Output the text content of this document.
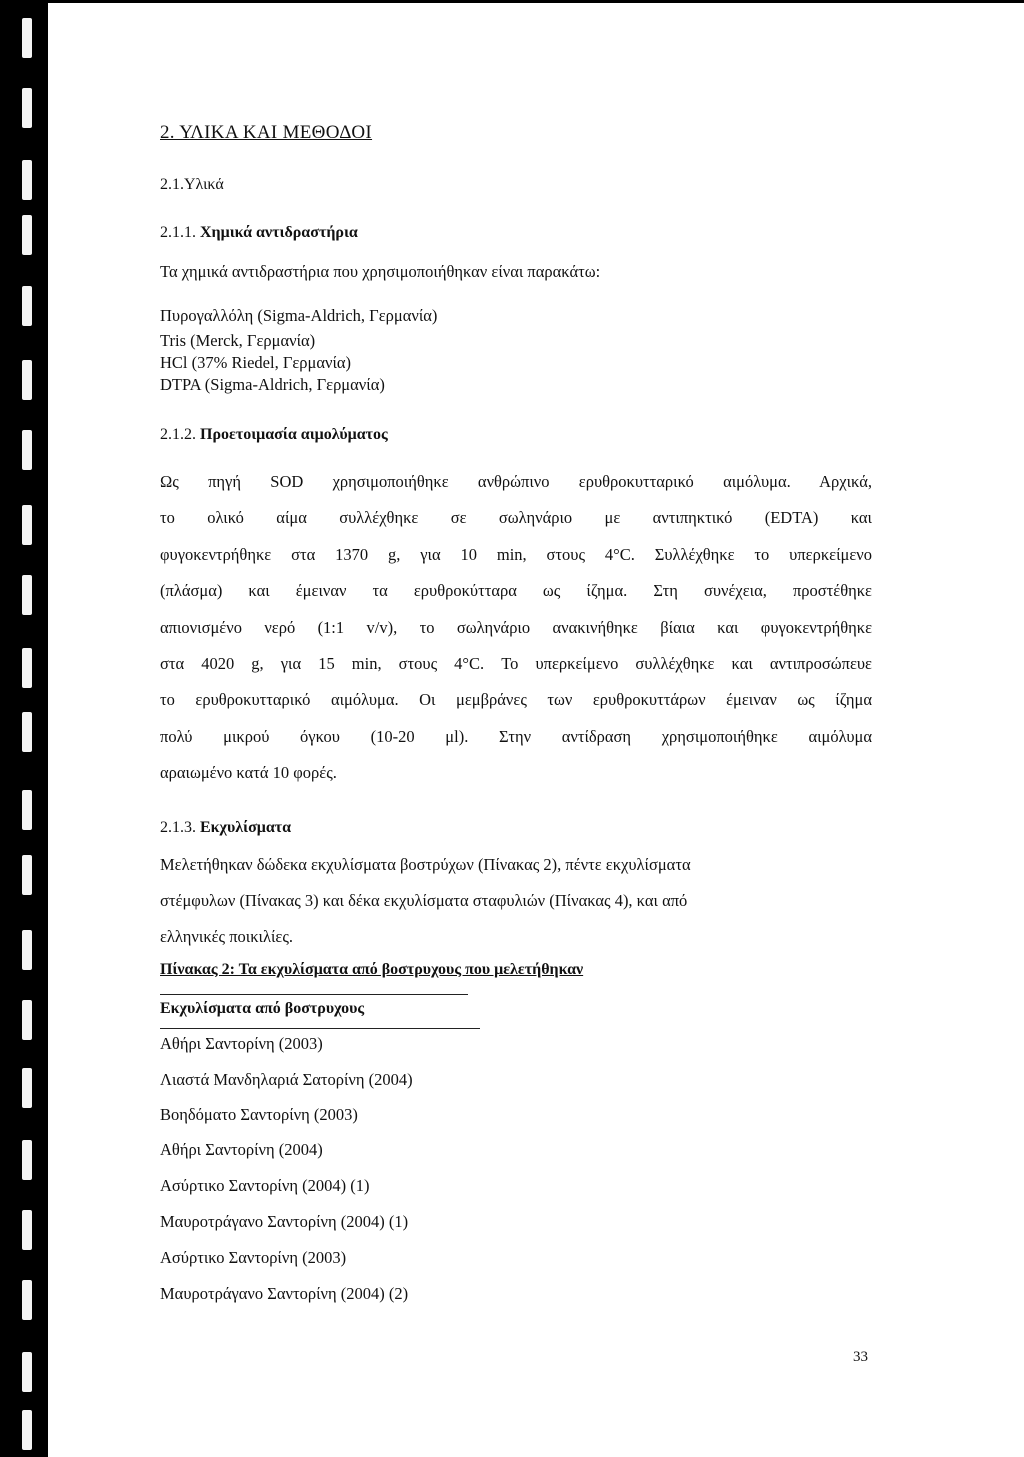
2. ΥΛΙΚΑ ΚΑΙ ΜΕΘΟΔΟΙ
2.1.Υλικά
2.1.1. Χημικά αντιδραστήρια
Τα χημικά αντιδραστήρια που χρησιμοποιήθηκαν είναι παρακάτω:
Πυρογαλλόλη (Sigma-Aldrich, Γερμανία)
Tris (Merck, Γερμανία)
HCl (37% Riedel, Γερμανία)
DTPA (Sigma-Aldrich, Γερμανία)
2.1.2. Προετοιμασία αιμολύματος
Ως πηγή SOD χρησιμοποιήθηκε ανθρώπινο ερυθροκυτταρικό αιμόλυμα. Αρχικά,
το ολικό αίμα συλλέχθηκε σε σωληνάριο με αντιπηκτικό (EDTA) και
φυγοκεντρήθηκε στα 1370 g, για 10 min, στους 4°C. Συλλέχθηκε το υπερκείμενο
(πλάσμα) και έμειναν τα ερυθροκύτταρα ως ίζημα. Στη συνέχεια, προστέθηκε
απιονισμένο νερό (1:1 v/v), το σωληνάριο ανακινήθηκε βίαια και φυγοκεντρήθηκε
στα 4020 g, για 15 min, στους 4°C. Το υπερκείμενο συλλέχθηκε και αντιπροσώπευε
το ερυθροκυτταρικό αιμόλυμα. Οι μεμβράνες των ερυθροκυττάρων έμειναν ως ίζημα
πολύ μικρού όγκου (10-20 μl). Στην αντίδραση χρησιμοποιήθηκε αιμόλυμα
αραιωμένο κατά 10 φορές.
2.1.3. Εκχυλίσματα
Μελετήθηκαν δώδεκα εκχυλίσματα βοστρύχων (Πίνακας 2), πέντε εκχυλίσματα
στέμφυλων (Πίνακας 3) και δέκα εκχυλίσματα σταφυλιών (Πίνακας 4), και από
ελληνικές ποικιλίες.
Πίνακας 2: Τα εκχυλίσματα από βοστρυχους που μελετήθηκαν
Εκχυλίσματα από βοστρυχους
Αθήρι Σαντορίνη (2003)
Λιαστά Μανδηλαριά Σατορίνη (2004)
Βοηδόματο Σαντορίνη (2003)
Αθήρι Σαντορίνη (2004)
Ασύρτικο Σαντορίνη (2004) (1)
Μαυροτράγανο Σαντορίνη (2004) (1)
Ασύρτικο Σαντορίνη (2003)
Μαυροτράγανο Σαντορίνη (2004) (2)
33
